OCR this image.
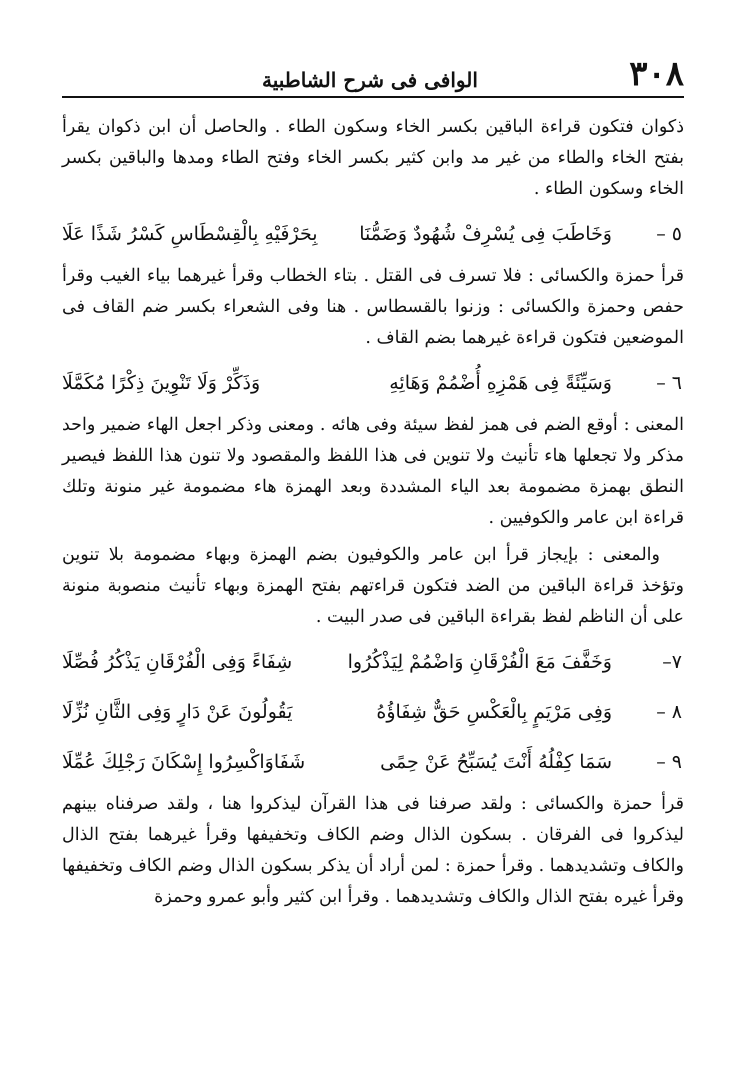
٣٠٨
الوافى فى شرح الشاطبية

ذكوان فتكون قراءة الباقين بكسر الخاء وسكون الطاء . والحاصل أن ابن ذكوان يقرأ بفتح الخاء والطاء من غير مد وابن كثير بكسر الخاء وفتح الطاء ومدها والباقين بكسر الخاء وسكون الطاء .

٥ –
وَخَاطَبَ فِى يُسْرِفْ شُهُودٌ وَضَمُّنَا
بِحَرْفَيْهِ بِالْقِسْطَاسِ كَسْرُ شَذًا عَلَا

قرأ حمزة والكسائى : فلا تسرف فى القتل . بتاء الخطاب وقرأ غيرهما بياء الغيب وقرأ حفص وحمزة والكسائى : وزنوا بالقسطاس . هنا وفى الشعراء بكسر ضم القاف فى الموضعين فتكون قراءة غيرهما بضم القاف .

٦ –
وَسَيِّئَةً فِى هَمْزِهِ أُضْمُمْ وَهَائِهِ
وَذَكِّرْ وَلَا تَنْوِينَ ذِكْرًا مُكَمَّلَا

المعنى : أوقع الضم فى همز لفظ سيئة وفى هائه . ومعنى وذكر اجعل الهاء ضمير واحد مذكر ولا تجعلها هاء تأنيث ولا تنوين فى هذا اللفظ والمقصود ولا تنون هذا اللفظ فيصير النطق بهمزة مضمومة بعد الياء المشددة وبعد الهمزة هاء مضمومة غير منونة وتلك قراءة ابن عامر والكوفيين .

والمعنى : بإيجاز قرأ ابن عامر والكوفيون بضم الهمزة وبهاء مضمومة بلا تنوين وتؤخذ قراءة الباقين من الضد فتكون قراءتهم بفتح الهمزة وبهاء تأنيث منصوبة منونة على أن الناظم لفظ بقراءة الباقين فى صدر البيت .

٧–
وَخَفَّفَ مَعَ الْفُرْقَانِ وَاضْمُمْ لِيَذْكُرُوا
شِفَاءً وَفِى الْفُرْقَانِ يَذْكُرُ فُصِّلَا
٨ –
وَفِى مَرْيَمٍ بِالْعَكْسِ حَقٌّ شِفَاؤُهُ
يَقُولُونَ عَنْ دَارٍ وَفِى الثَّانِ نُزِّلَا
٩ –
سَمَا كِفْلُهُ أَنْتَ يُسَبِّحُ عَنْ حِمًى
شَفَاوَاكْسِرُوا إِسْكَانَ رَجْلِكَ عُمِّلَا

قرأ حمزة والكسائى : ولقد صرفنا فى هذا القرآن ليذكروا هنا ، ولقد صرفناه بينهم ليذكروا فى الفرقان . بسكون الذال وضم الكاف وتخفيفها وقرأ غيرهما بفتح الذال والكاف وتشديدهما . وقرأ حمزة : لمن أراد أن يذكر بسكون الذال وضم الكاف وتخفيفها وقرأ غيره بفتح الذال والكاف وتشديدهما . وقرأ ابن كثير وأبو عمرو وحمزة
